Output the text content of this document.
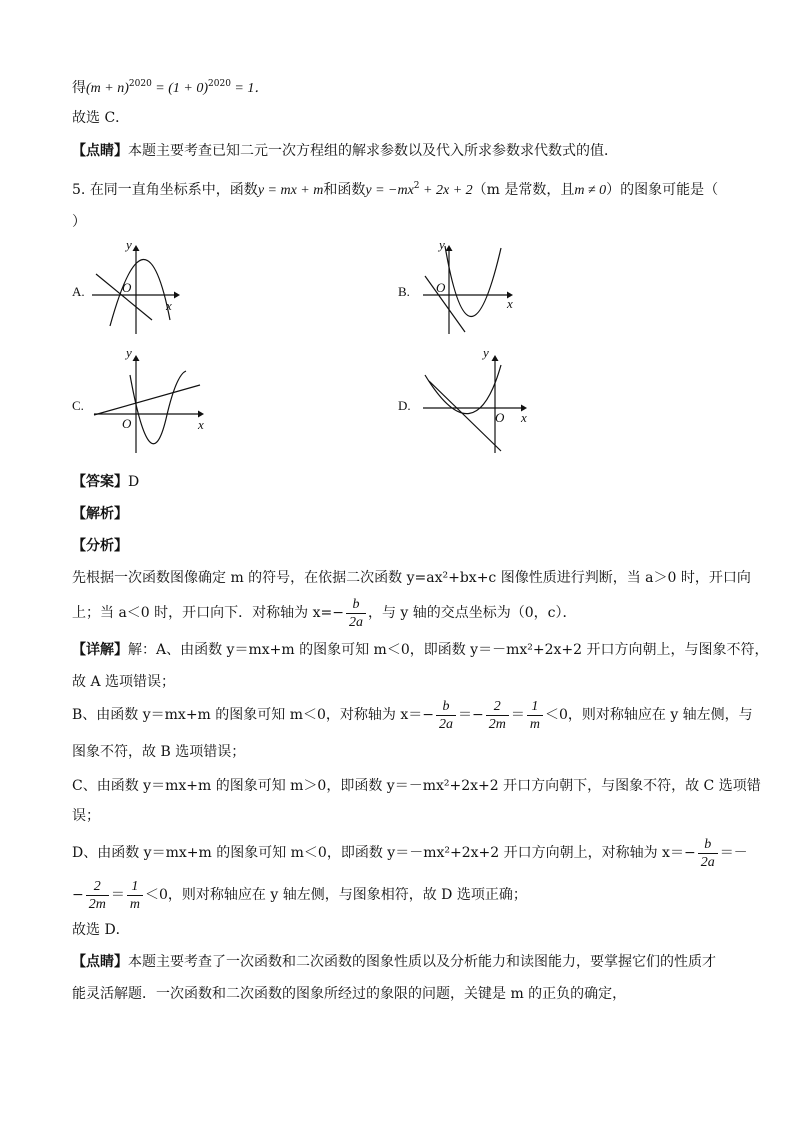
得$(m + n)^{2020} = (1 + 0)^{2020} = 1$．
故选 C．
【点睛】本题主要考查已知二元一次方程组的解求参数以及代入所求参数求代数式的值．
5. 在同一直角坐标系中，函数y = mx + m和函数$y = -mx^2 + 2x + 2(m$ 是常数，且m ≠ 0）的图象可能是（
）
A.
y
O
x
B.
y
O
x
C.
y
O	x
D.
y
O x
【答案】D
【解析】
【分析】
先根据一次函数图像确定 m 的符号，在依据二次函数 y=ax²+bx+c 图像性质进行判断，当 a＞0 时，开口向
上；当 a＜0 时，开口向下．对称轴为 $x=- \frac{b}{2a}$ ，与 y 轴的交点坐标为（0，c）．
【详解】解：A、由函数 y＝mx+m 的图象可知 m＜0，即函数 y＝－mx²+2x+2 开口方向朝上，与图象不符，
故 A 选项错误；
B、由函数 y＝mx+m 的图象可知 m＜0，对称轴为 $x=- \frac{b}{2a} =- \frac{2}{2m} = \frac{1}{m} <0$，则对称轴应在 y 轴左侧，与
图象不符，故 B 选项错误；
C、由函数 y＝mx+m 的图象可知 m＞0，即函数 y＝－mx²+2x+2 开口方向朝下，与图象不符，故 C 选项错
误；
D、由函数 y＝mx+m 的图象可知 m＜0，即函数 y＝－mx²+2x+2 开口方向朝上，对称轴为 $x=- \frac{b}{2a}$ ＝－
− $\frac{2}{2m} = \frac{1}{m} <0$，则对称轴应在 y 轴左侧，与图象相符，故 D 选项正确；
故选 D．
【点睛】本题主要考查了一次函数和二次函数的图象性质以及分析能力和读图能力，要掌握它们的性质才
能灵活解题．一次函数和二次函数的图象所经过的象限的问题，关键是 m 的正负的确定，
